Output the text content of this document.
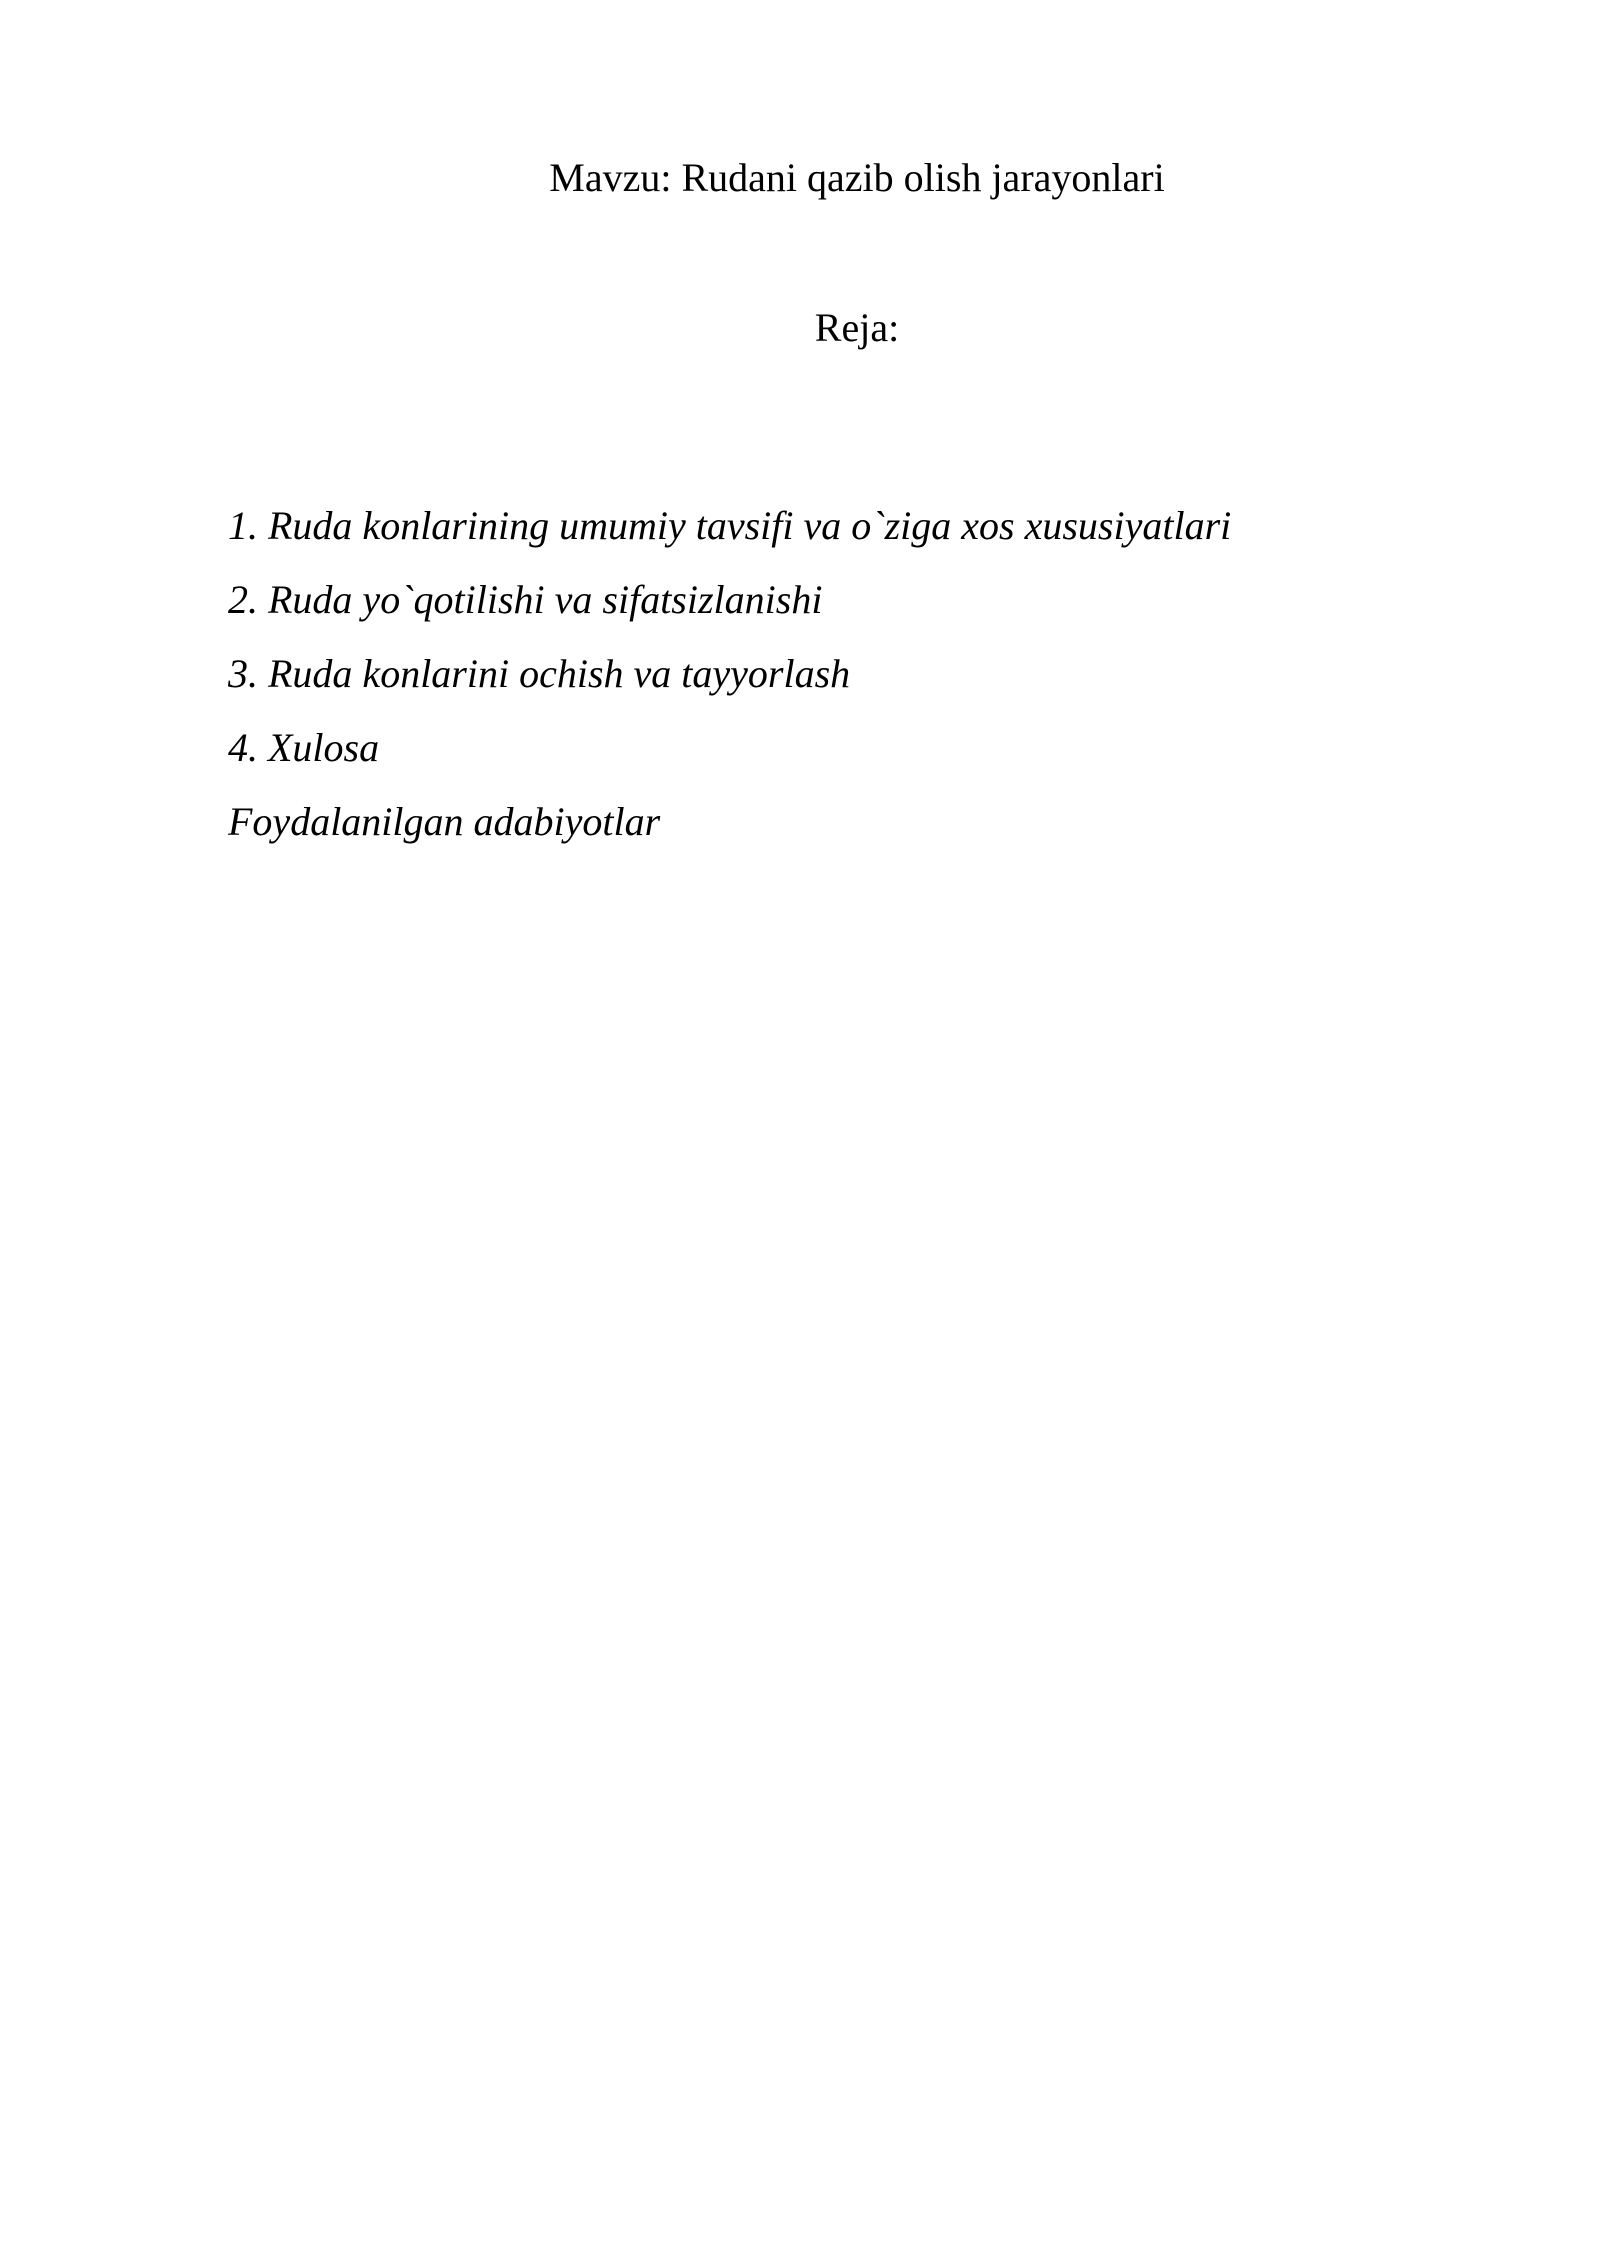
Mavzu: Rudani qazib olish jarayonlari
Reja:
1. Ruda konlarining umumiy tavsifi va o`ziga xos xususiyatlari
2. Ruda yo`qotilishi va sifatsizlanishi
3. Ruda konlarini ochish va tayyorlash
4. Xulosa
Foydalanilgan adabiyotlar
